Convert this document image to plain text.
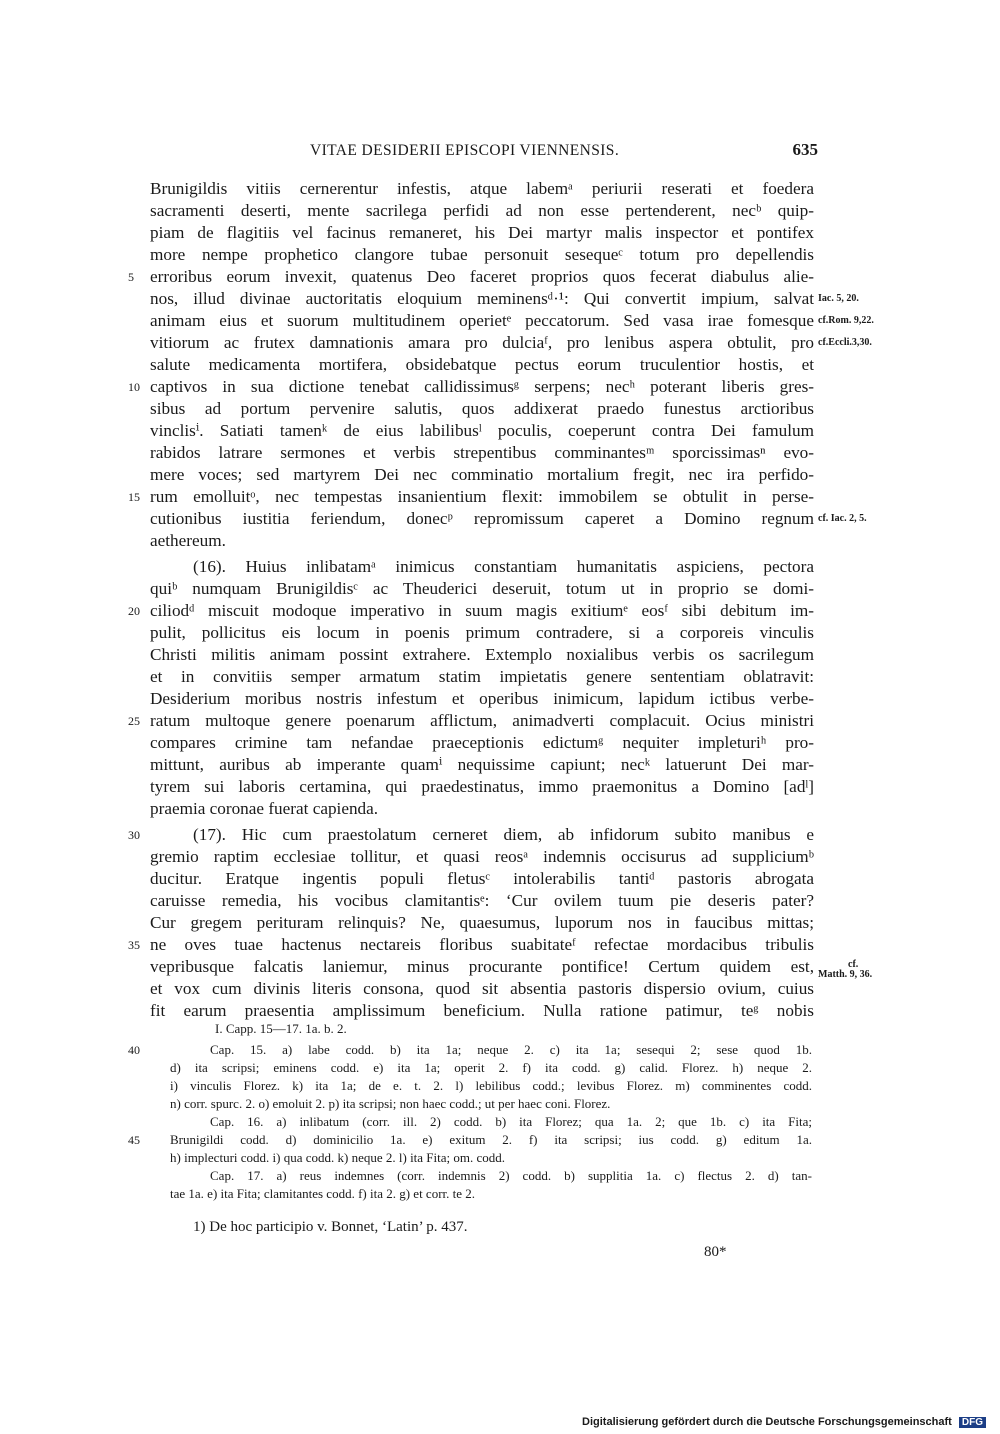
VITAE DESIDERII EPISCOPI VIENNENSIS.	635
Brunigildis vitiis cernerentur infestis, atque labemᵃ periurii reserati et foedera
sacramenti deserti, mente sacrilega perfidi ad non esse pertenderent, necᵇ quip-
piam de flagitiis vel facinus remaneret, his Dei martyr malis inspector et pontifex
more nempe prophetico clangore tubae personuit sesequeᶜ totum pro depellendis
erroribus eorum invexit, quatenus Deo faceret proprios quos fecerat diabulus alie-
nos, illud divinae auctoritatis eloquium meminensᵈ·¹: Qui convertit impium, salvat
animam eius et suorum multitudinem operietᵉ peccatorum. Sed vasa irae fomesque
vitiorum ac frutex damnationis amara pro dulciaᶠ, pro lenibus aspera obtulit, pro
salute medicamenta mortifera, obsidebatque pectus eorum truculentior hostis, et
captivos in sua dictione tenebat callidissimusᵍ serpens; necʰ poterant liberis gres-
sibus ad portum pervenire salutis, quos addixerat praedo funestus arctioribus
vinclisⁱ. Satiati tamenᵏ de eius labilibusˡ poculis, coeperunt contra Dei famulum
rabidos latrare sermones et verbis strepentibus comminantesᵐ sporcissimasⁿ evo-
mere voces; sed martyrem Dei nec comminatio mortalium fregit, nec ira perfido-
rum emolluitᵒ, nec tempestas insanientium flexit: immobilem se obtulit in perse-
cutionibus iustitia feriendum, donecᵖ repromissum caperet a Domino regnum
aethereum.
(16). Huius inlibatamᵃ inimicus constantiam humanitatis aspiciens, pectora
quiᵇ numquam Brunigildisᶜ ac Theuderici deseruit, totum ut in proprio se domi-
ciliodᵈ miscuit modoque imperativo in suum magis exitiumᵉ eosᶠ sibi debitum im-
pulit, pollicitus eis locum in poenis primum contradere, si a corporeis vinculis
Christi militis animam possint extrahere. Extemplo noxialibus verbis os sacrilegum
et in convitiis semper armatum statim impietatis genere sententiam oblatravit:
Desiderium moribus nostris infestum et operibus inimicum, lapidum ictibus verbe-
ratum multoque genere poenarum afflictum, animadverti complacuit. Ocius ministri
compares crimine tam nefandae praeceptionis edictumᵍ nequiter impleturiʰ pro-
mittunt, auribus ab imperante quamⁱ nequissime capiunt; necᵏ latuerunt Dei mar-
tyrem sui laboris certamina, qui praedestinatus, immo praemonitus a Domino [adˡ]
praemia coronae fuerat capienda.
(17). Hic cum praestolatum cerneret diem, ab infidorum subito manibus e
gremio raptim ecclesiae tollitur, et quasi reosᵃ indemnis occisurus ad suppliciumᵇ
ducitur. Eratque ingentis populi fletusᶜ intolerabilis tantiᵈ pastoris abrogata
caruisse remedia, his vocibus clamitantisᵉ: ‘Cur ovilem tuum pie deseris pater?
Cur gregem perituram relinquis? Ne, quaesumus, luporum nos in faucibus mittas;
ne oves tuae hactenus nectareis floribus suabitateᶠ refectae mordacibus tribulis
vepribusque falcatis laniemur, minus procurante pontifice! Certum quidem est,
et vox cum divinis literis consona, quod sit absentia pastoris dispersio ovium, cuius
fit earum praesentia amplissimum beneficium. Nulla ratione patimur, teᵍ nobis
5
10
15
20
25
30
35
Iac. 5, 20.
cf.Rom. 9,22.
cf.Eccli.3,30.
cf. Iac. 2, 5.
cf.
Matth. 9, 36.
I. Capp. 15—17. 1a. b. 2.
Cap. 15. a) labe codd. b) ita 1a; neque 2. c) ita 1a; sesequi 2; sese quod 1b.
d) ita scripsi; eminens codd. e) ita 1a; operit 2. f) ita codd. g) calid. Florez. h) neque 2.
i) vinculis Florez. k) ita 1a; de e. t. 2. l) lebilibus codd.; levibus Florez. m) comminentes codd.
n) corr. spurc. 2. o) emoluit 2. p) ita scripsi; non haec codd.; ut per haec coni. Florez.
Cap. 16. a) inlibatum (corr. ill. 2) codd. b) ita Florez; qua 1a. 2; que 1b. c) ita Fita;
Brunigildi codd. d) dominicilio 1a. e) exitum 2. f) ita scripsi; ius codd. g) editum 1a.
h) implecturi codd. i) qua codd. k) neque 2. l) ita Fita; om. codd.
Cap. 17. a) reus indemnes (corr. indemnis 2) codd. b) supplitia 1a. c) flectus 2. d) tan-
tae 1a. e) ita Fita; clamitantes codd. f) ita 2. g) et corr. te 2.
40
45
1) De hoc participio v. Bonnet, ‘Latin’ p. 437.
80*
Digitalisierung gefördert durch die Deutsche Forschungsgemeinschaft DFG
